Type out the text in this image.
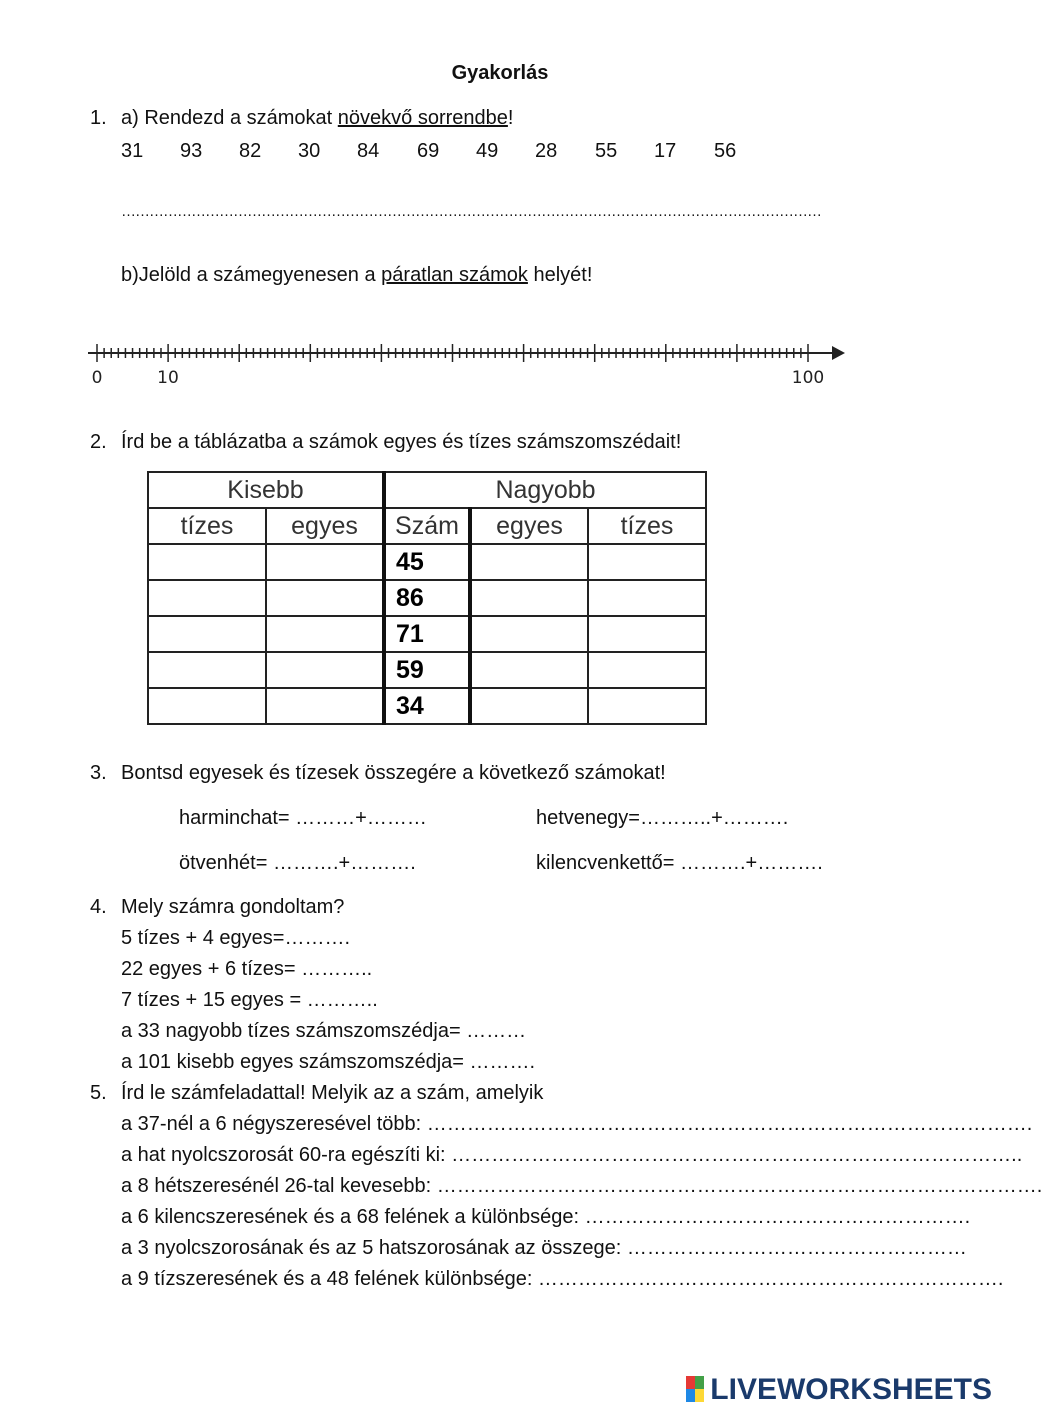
Gyakorlás
1. a) Rendezd a számokat növekvő sorrendbe!
31	93	82	30	84	69	49	28	55	17	56
……………………………………………………………………………………………………………………………………
b)Jelöld a számegyenesen a páratlan számok helyét!
0	10	100
2. Írd be a táblázatba a számok egyes és tízes számszomszédait!
Kisebb		Nagyobb		
tízes	egyes	Szám	egyes	tízes
		45		
		86		
		71		
		59		
		34		
3. Bontsd egyesek és tízesek összegére a következő számokat!
harminchat= ………+………	hetvenegy=………..+……….
ötvenhét= ……….+……….	kilencvenkettő= ……….+……….
4. Mely számra gondoltam?
5 tízes + 4 egyes=……….
22 egyes + 6 tízes= ………..
7 tízes + 15 egyes = ………..
a 33 nagyobb tízes számszomszédja= ………
a 101 kisebb egyes számszomszédja= ……….
5. Írd le számfeladattal! Melyik az a szám, amelyik
a 37-nél a 6 négyszeresével több: ……………………………………………………………………………….
a hat nyolcszorosát 60-ra egészíti ki: …………………………………………………………………………..
a 8 hétszeresénél 26-tal kevesebb: ……………………………………………………………………………….
a 6 kilencszeresének és a 68 felének a különbsége: ………………………………………………….
a 3 nyolcszorosának és az 5 hatszorosának az összege: ……………………………………………
a 9 tízszeresének és a 48 felének különbsége: …………………………………………………………….
LIVEWORKSHEETS
